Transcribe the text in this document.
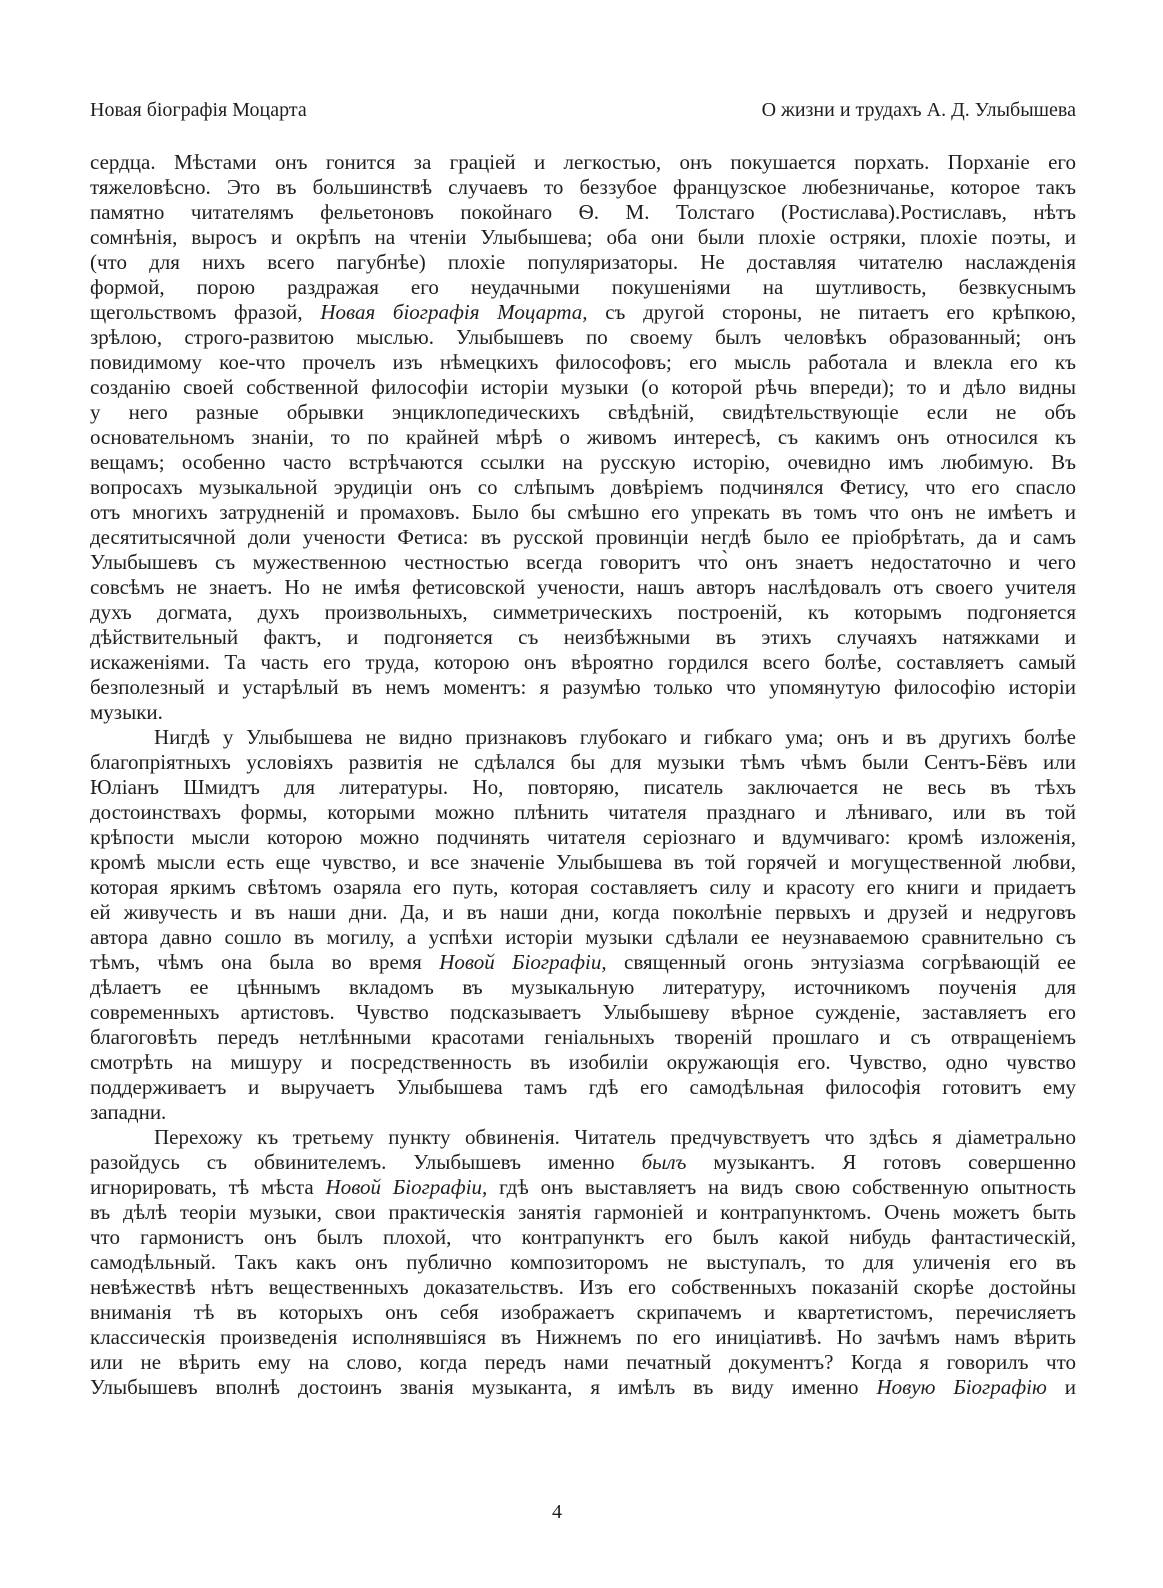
Новая біографія Моцарта	О жизни и трудахъ А. Д. Улыбышева
сердца. Мѣстами онъ гонится за граціей и легкостью, онъ покушается порхать. Порханіе его
тяжеловѣсно. Это въ большинствѣ случаевъ то беззубое французское любезничанье, которое такъ
памятно читателямъ фельетоновъ покойнаго Ѳ. М. Толстаго (Ростислава).Ростиславъ, нѣтъ
сомнѣнія, выросъ и окрѣпъ на чтеніи Улыбышева; оба они были плохіе остряки, плохіе поэты, и
(что для нихъ всего пагубнѣе) плохіе популяризаторы. Не доставляя читателю наслажденія
формой, порою раздражая его неудачными покушеніями на шутливость, безвкуснымъ
щегольствомъ фразой, Новая біографія Моцарта, съ другой стороны, не питаетъ его крѣпкою,
зрѣлою, строго-развитою мыслью. Улыбышевъ по своему былъ человѣкъ образованный; онъ
повидимому кое-что прочелъ изъ нѣмецкихъ философовъ; его мысль работала и влекла его къ
созданію своей собственной философіи исторіи музыки (о которой рѣчь впереди); то и дѣло видны
у него разные обрывки энциклопедическихъ свѣдѣній, свидѣтельствующіе если не объ
основательномъ знаніи, то по крайней мѣрѣ о живомъ интересѣ, съ какимъ онъ относился къ
вещамъ; особенно часто встрѣчаются ссылки на русскую исторію, очевидно имъ любимую. Въ
вопросахъ музыкальной эрудиціи онъ со слѣпымъ довѣріемъ подчинялся Фетису, что его спасло
отъ многихъ затрудненій и промаховъ. Было бы смѣшно его упрекать въ томъ что онъ не имѣетъ и
десятитысячной доли учености Фетиса: въ русской провинціи негдѣ было ее пріобрѣтать, да и самъ
Улыбышевъ съ мужественною честностью всегда говоритъ что̀ онъ знаетъ недостаточно и чего
совсѣмъ не знаетъ. Но не имѣя фетисовской учености, нашъ авторъ наслѣдовалъ отъ своего учителя
духъ догмата, духъ произвольныхъ, симметрическихъ построеній, къ которымъ подгоняется
дѣйствительный фактъ, и подгоняется съ неизбѣжными въ этихъ случаяхъ натяжками и
искаженіями. Та часть его труда, которою онъ вѣроятно гордился всего болѣе, составляетъ самый
безполезный и устарѣлый въ немъ моментъ: я разумѣю только что упомянутую философію исторіи
музыки.
Нигдѣ у Улыбышева не видно признаковъ глубокаго и гибкаго ума; онъ и въ другихъ болѣе
благопріятныхъ условіяхъ развитія не сдѣлался бы для музыки тѣмъ чѣмъ были Сентъ-Бёвъ или
Юліанъ Шмидтъ для литературы. Но, повторяю, писатель заключается не весь въ тѣхъ
достоинствахъ формы, которыми можно плѣнить читателя празднаго и лѣниваго, или въ той
крѣпости мысли которою можно подчинять читателя серіознаго и вдумчиваго: кромѣ изложенія,
кромѣ мысли есть еще чувство, и все значеніе Улыбышева въ той горячей и могущественной любви,
которая яркимъ свѣтомъ озаряла его путь, которая составляетъ силу и красоту его книги и придаетъ
ей живучесть и въ наши дни. Да, и въ наши дни, когда поколѣніе первыхъ и друзей и недруговъ
автора давно сошло въ могилу, а успѣхи исторіи музыки сдѣлали ее неузнаваемою сравнительно съ
тѣмъ, чѣмъ она была во время Новой Біографіи, священный огонь энтузіазма согрѣвающій ее
дѣлаетъ ее цѣннымъ вкладомъ въ музыкальную литературу, источникомъ поученія для
современныхъ артистовъ. Чувство подсказываетъ Улыбышеву вѣрное сужденіе, заставляетъ его
благоговѣть передъ нетлѣнными красотами геніальныхъ твореній прошлаго и съ отвращеніемъ
смотрѣть на мишуру и посредственность въ изобиліи окружающія его. Чувство, одно чувство
поддерживаетъ и выручаетъ Улыбышева тамъ гдѣ его самодѣльная философія готовитъ ему
западни.
Перехожу къ третьему пункту обвиненія. Читатель предчувствуетъ что здѣсь я діаметрально
разойдусь съ обвинителемъ. Улыбышевъ именно былъ музыкантъ. Я готовъ совершенно
игнорировать, тѣ мѣста Новой Біографіи, гдѣ онъ выставляетъ на видъ свою собственную опытность
въ дѣлѣ теоріи музыки, свои практическія занятія гармоніей и контрапунктомъ. Очень можетъ быть
что гармонистъ онъ былъ плохой, что контрапунктъ его былъ какой нибудь фантастическій,
самодѣльный. Такъ какъ онъ публично композиторомъ не выступалъ, то для уличенія его въ
невѣжествѣ нѣтъ вещественныхъ доказательствъ. Изъ его собственныхъ показаній скорѣе достойны
вниманія тѣ въ которыхъ онъ себя изображаетъ скрипачемъ и квартетистомъ, перечисляетъ
классическія произведенія исполнявшіяся въ Нижнемъ по его иниціативѣ. Но зачѣмъ намъ вѣрить
или не вѣрить ему на слово, когда передъ нами печатный документъ? Когда я говорилъ что
Улыбышевъ вполнѣ достоинъ званія музыканта, я имѣлъ въ виду именно Новую Біографію и
4
